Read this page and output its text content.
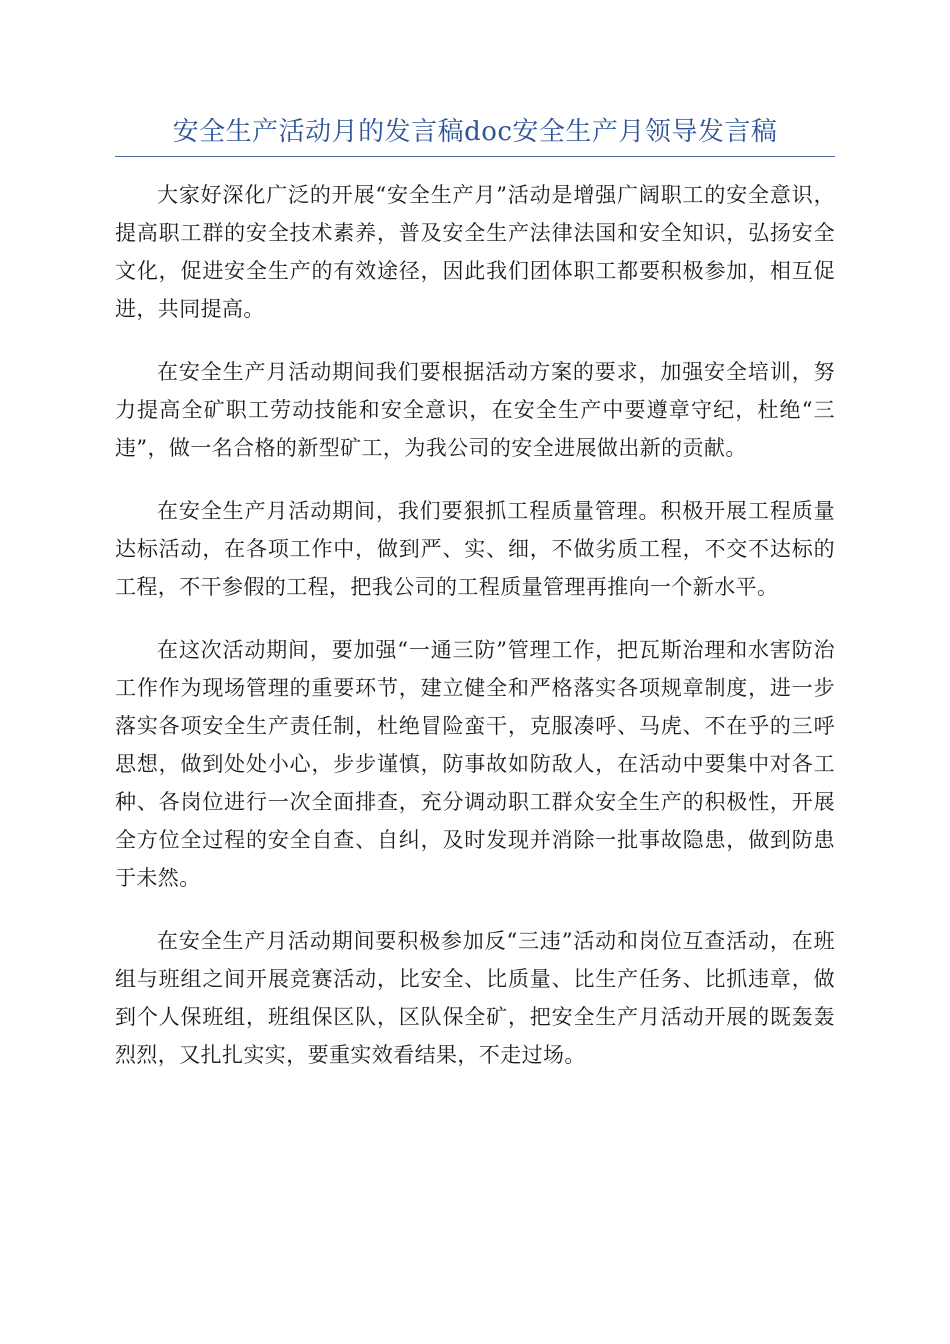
安全生产活动月的发言稿doc安全生产月领导发言稿

大家好深化广泛的开展“安全生产月”活动是增强广阔职工的安全意识，提高职工群的安全技术素养，普及安全生产法律法国和安全知识，弘扬安全文化，促进安全生产的有效途径，因此我们团体职工都要积极参加，相互促进，共同提高。

在安全生产月活动期间我们要根据活动方案的要求，加强安全培训，努力提高全矿职工劳动技能和安全意识，在安全生产中要遵章守纪，杜绝“三违”，做一名合格的新型矿工，为我公司的安全进展做出新的贡献。

在安全生产月活动期间，我们要狠抓工程质量管理。积极开展工程质量达标活动，在各项工作中，做到严、实、细，不做劣质工程，不交不达标的工程，不干参假的工程，把我公司的工程质量管理再推向一个新水平。

在这次活动期间，要加强“一通三防”管理工作，把瓦斯治理和水害防治工作作为现场管理的重要环节，建立健全和严格落实各项规章制度，进一步落实各项安全生产责任制，杜绝冒险蛮干，克服凑呼、马虎、不在乎的三呼思想，做到处处小心，步步谨慎，防事故如防敌人，在活动中要集中对各工种、各岗位进行一次全面排查，充分调动职工群众安全生产的积极性，开展全方位全过程的安全自查、自纠，及时发现并消除一批事故隐患，做到防患于未然。

在安全生产月活动期间要积极参加反“三违”活动和岗位互查活动，在班组与班组之间开展竞赛活动，比安全、比质量、比生产任务、比抓违章，做到个人保班组，班组保区队，区队保全矿，把安全生产月活动开展的既轰轰烈烈，又扎扎实实，要重实效看结果，不走过场。
